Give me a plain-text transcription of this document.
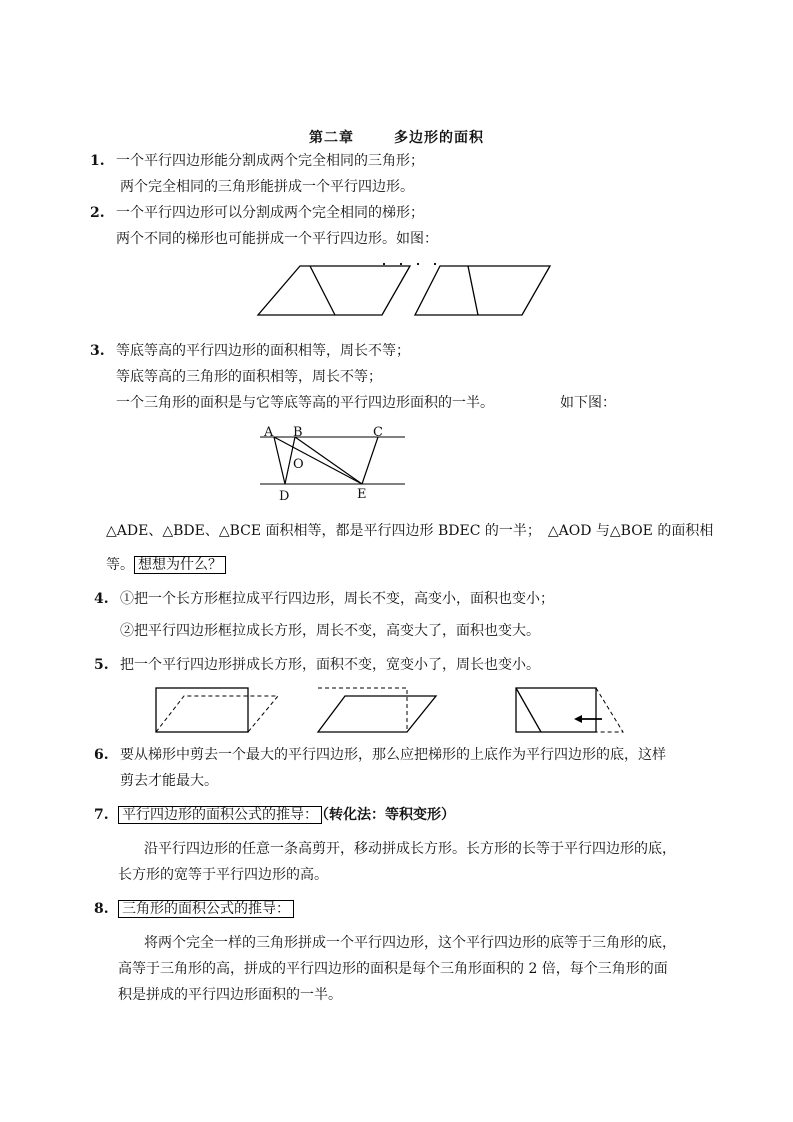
第二章	多边形的面积
1. 一个平行四边形能分割成两个完全相同的三角形；
两个完全相同的三角形能拼成一个平行四边形。
2. 一个平行四边形可以分割成两个完全相同的梯形；
两个不同的梯形也可能拼成一个平行四边形。如图：
3. 等底等高的平行四边形的面积相等，周长不等；
等底等高的三角形的面积相等，周长不等；
一个三角形的面积是与它等底等高的平行四边形面积的一半。	如下图：
A B	C
O
D	E
△ADE、△BDE、△BCE 面积相等，都是平行四边形 BDEC 的一半；　△AOD 与△BOE 的面积相
等。 想想为什么？
4. ①把一个长方形框拉成平行四边形，周长不变，高变小，面积也变小；
②把平行四边形框拉成长方形，周长不变，高变大了，面积也变大。
5. 把一个平行四边形拼成长方形，面积不变，宽变小了，周长也变小。
6. 要从梯形中剪去一个最大的平行四边形，那么应把梯形的上底作为平行四边形的底，这样
剪去才能最大。
7. 平行四边形的面积公式的推导： （转化法：等积变形）
沿平行四边形的任意一条高剪开，移动拼成长方形。长方形的长等于平行四边形的底，
长方形的宽等于平行四边形的高。
8. 三角形的面积公式的推导：
将两个完全一样的三角形拼成一个平行四边形，这个平行四边形的底等于三角形的底，
高等于三角形的高，拼成的平行四边形的面积是每个三角形面积的 2 倍，每个三角形的面
积是拼成的平行四边形面积的一半。
